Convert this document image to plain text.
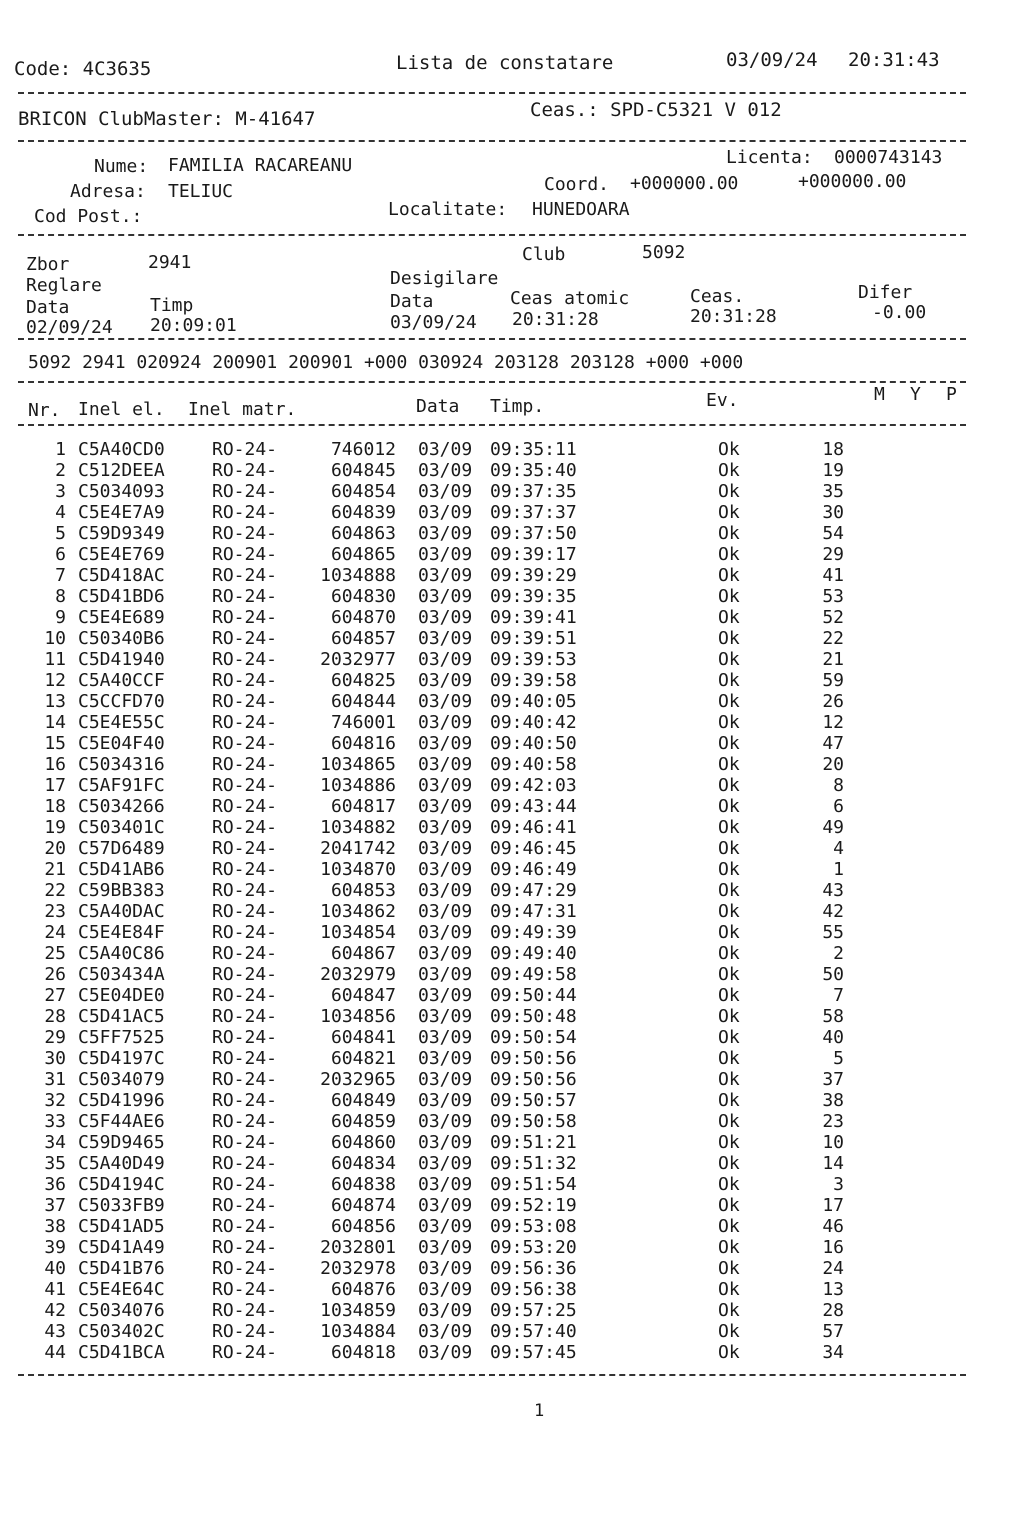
Code: 4C3635	Lista de constatare	03/09/24 20:31:43
BRICON ClubMaster: M-41647	Ceas.: SPD-C5321 V 012
Nume: FAMILIA RACAREANU
Adresa: TELIUC
Cod Post.:
Licenta: 0000743143
Coord. +000000.00	+000000.00
Localitate: HUNEDOARA
Zbor	2941	Club	5092
Reglare	Desigilare
Data	Timp	Data	Ceas atomic	Ceas.	Difer
02/09/24 20:09:01	03/09/24 20:31:28	20:31:28	-0.00
5092 2941 020924 200901 200901 +000 030924 203128 203128 +000 +000
Nr. Inel el. Inel matr.	Data Timp.	Ev.	M Y P
1 C5A40CD0	RO-24-	746012 03/09 09:35:11	Ok	18
2 C512DEEA	RO-24-	604845 03/09 09:35:40	Ok	19
3 C5034093	RO-24-	604854 03/09 09:37:35	Ok	35
4 C5E4E7A9	RO-24-	604839 03/09 09:37:37	Ok	30
5 C59D9349	RO-24-	604863 03/09 09:37:50	Ok	54
6 C5E4E769	RO-24-	604865 03/09 09:39:17	Ok	29
7 C5D418AC	RO-24-	1034888 03/09 09:39:29	Ok	41
8 C5D41BD6	RO-24-	604830 03/09 09:39:35	Ok	53
9 C5E4E689	RO-24-	604870 03/09 09:39:41	Ok	52
10 C50340B6	RO-24-	604857 03/09 09:39:51	Ok	22
11 C5D41940	RO-24-	2032977 03/09 09:39:53	Ok	21
12 C5A40CCF	RO-24-	604825 03/09 09:39:58	Ok	59
13 C5CCFD70	RO-24-	604844 03/09 09:40:05	Ok	26
14 C5E4E55C	RO-24-	746001 03/09 09:40:42	Ok	12
15 C5E04F40	RO-24-	604816 03/09 09:40:50	Ok	47
16 C5034316	RO-24-	1034865 03/09 09:40:58	Ok	20
17 C5AF91FC	RO-24-	1034886 03/09 09:42:03	Ok	8
18 C5034266	RO-24-	604817 03/09 09:43:44	Ok	6
19 C503401C	RO-24-	1034882 03/09 09:46:41	Ok	49
20 C57D6489	RO-24-	2041742 03/09 09:46:45	Ok	4
21 C5D41AB6	RO-24-	1034870 03/09 09:46:49	Ok	1
22 C59BB383	RO-24-	604853 03/09 09:47:29	Ok	43
23 C5A40DAC	RO-24-	1034862 03/09 09:47:31	Ok	42
24 C5E4E84F	RO-24-	1034854 03/09 09:49:39	Ok	55
25 C5A40C86	RO-24-	604867 03/09 09:49:40	Ok	2
26 C503434A	RO-24-	2032979 03/09 09:49:58	Ok	50
27 C5E04DE0	RO-24-	604847 03/09 09:50:44	Ok	7
28 C5D41AC5	RO-24-	1034856 03/09 09:50:48	Ok	58
29 C5FF7525	RO-24-	604841 03/09 09:50:54	Ok	40
30 C5D4197C	RO-24-	604821 03/09 09:50:56	Ok	5
31 C5034079	RO-24-	2032965 03/09 09:50:56	Ok	37
32 C5D41996	RO-24-	604849 03/09 09:50:57	Ok	38
33 C5F44AE6	RO-24-	604859 03/09 09:50:58	Ok	23
34 C59D9465	RO-24-	604860 03/09 09:51:21	Ok	10
35 C5A40D49	RO-24-	604834 03/09 09:51:32	Ok	14
36 C5D4194C	RO-24-	604838 03/09 09:51:54	Ok	3
37 C5033FB9	RO-24-	604874 03/09 09:52:19	Ok	17
38 C5D41AD5	RO-24-	604856 03/09 09:53:08	Ok	46
39 C5D41A49	RO-24-	2032801 03/09 09:53:20	Ok	16
40 C5D41B76	RO-24-	2032978 03/09 09:56:36	Ok	24
41 C5E4E64C	RO-24-	604876 03/09 09:56:38	Ok	13
42 C5034076	RO-24-	1034859 03/09 09:57:25	Ok	28
43 C503402C	RO-24-	1034884 03/09 09:57:40	Ok	57
44 C5D41BCA	RO-24-	604818 03/09 09:57:45	Ok	34
1
